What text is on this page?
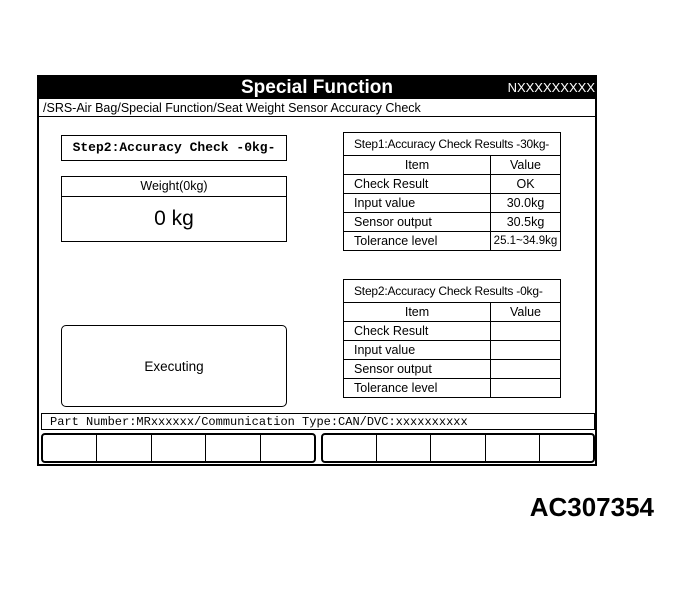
Special Function	NXXXXXXXXX
/SRS-Air Bag/Special Function/Seat Weight Sensor Accuracy Check
Step2:Accuracy Check -0kg-
Weight(0kg)
0 kg
Executing
Step1:Accuracy Check Results -30kg-	
Item	Value
Check Result	OK
Input value	30.0kg
Sensor output	30.5kg
Tolerance level	25.1~34.9kg
Step2:Accuracy Check Results -0kg-	
Item	Value
Check Result	
Input value	
Sensor output	
Tolerance level	
Part Number:MRxxxxxx/Communication Type:CAN/DVC:xxxxxxxxxx
AC307354
